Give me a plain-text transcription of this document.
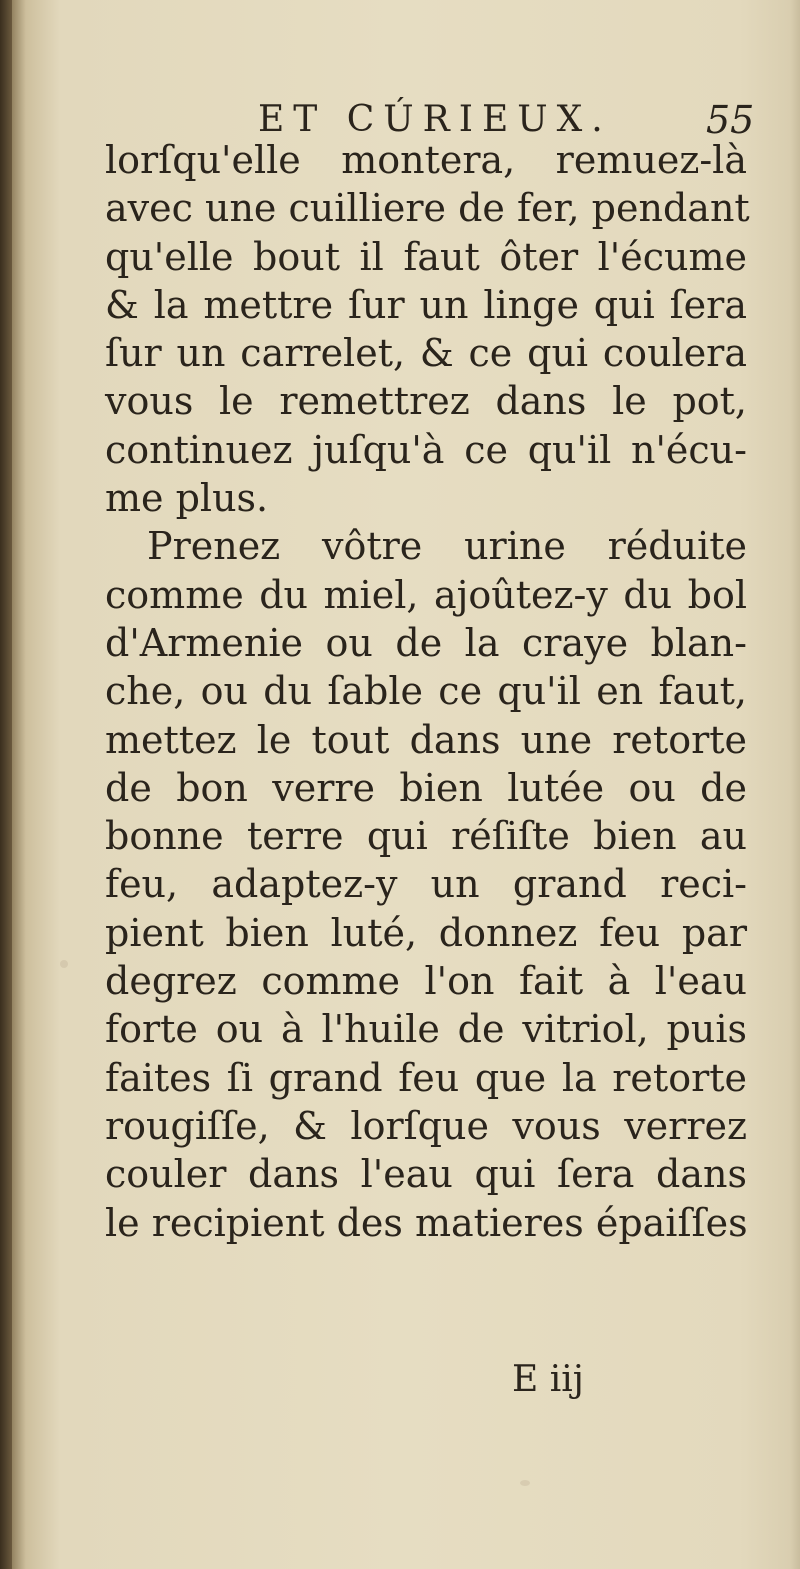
ET CÚRIEUX. 55
lorſqu'elle montera, remuez-là
avec une cuilliere de fer, pendant
qu'elle bout il faut ôter l'écume
& la mettre ſur un linge qui ſera
ſur un carrelet, & ce qui coulera
vous le remettrez dans le pot,
continuez juſqu'à ce qu'il n'écu-
me plus.
Prenez vôtre urine réduite
comme du miel, ajoûtez-y du bol
d'Armenie ou de la craye blan-
che, ou du ſable ce qu'il en faut,
mettez le tout dans une retorte
de bon verre bien lutée ou de
bonne terre qui réſiſte bien au
feu, adaptez-y un grand reci-
pient bien luté, donnez feu par
degrez comme l'on fait à l'eau
forte ou à l'huile de vitriol, puis
faites ſi grand feu que la retorte
rougiſſe, & lorſque vous verrez
couler dans l'eau qui ſera dans
le recipient des matieres épaiſſes
E iij
